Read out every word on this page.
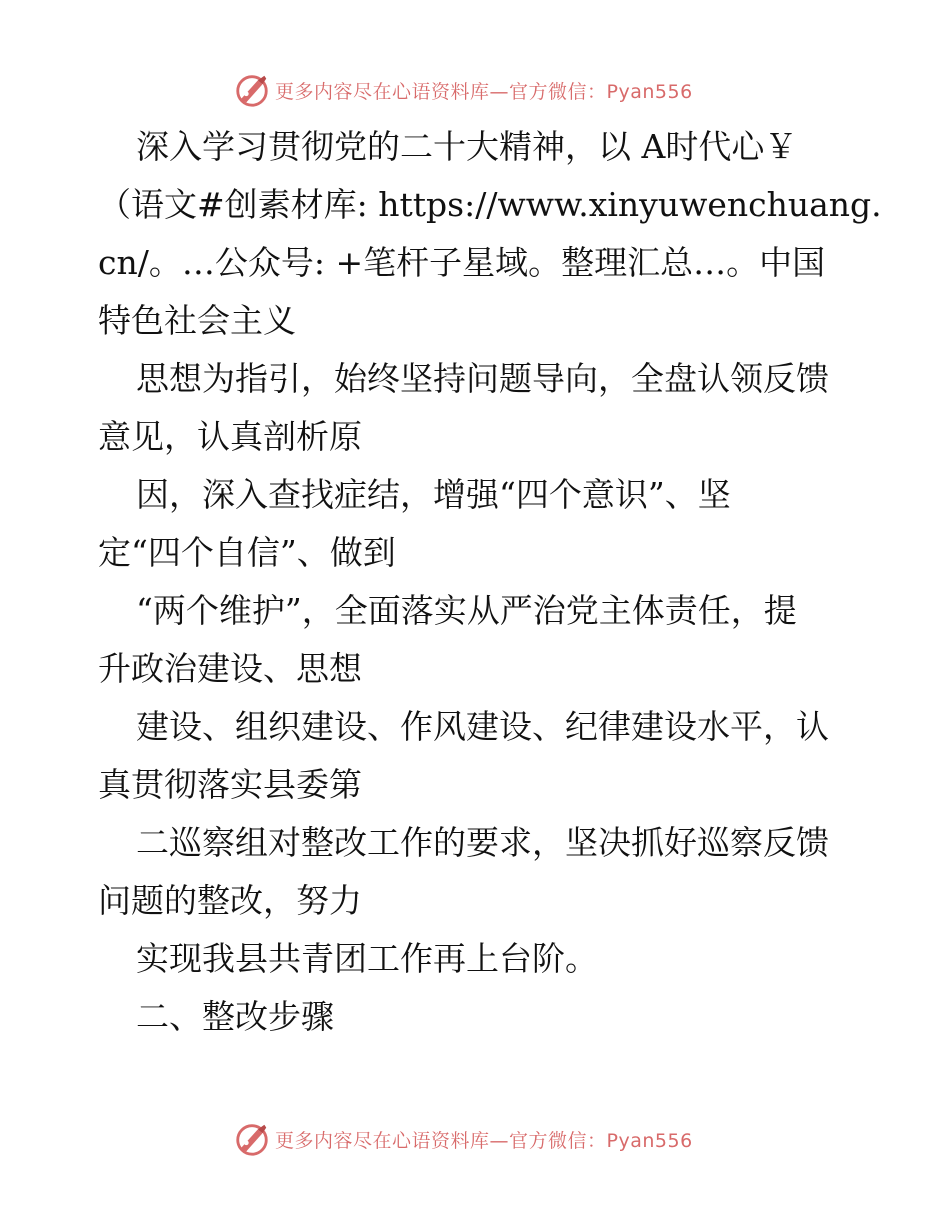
更多内容尽在心语资料库—官方微信：Pyan556

深入学习贯彻党的二十大精神，以 A时代心￥

（语文#创素材库: https://www.xinyuwenchuang.

cn/。…公众号: +笔杆子星域。整理汇总…。中国

特色社会主义

思想为指引，始终坚持问题导向，全盘认领反馈

意见，认真剖析原

因，深入查找症结，增强“四个意识”、坚

定“四个自信”、做到

“两个维护”，全面落实从严治党主体责任，提

升政治建设、思想

建设、组织建设、作风建设、纪律建设水平，认

真贯彻落实县委第

二巡察组对整改工作的要求，坚决抓好巡察反馈

问题的整改，努力

实现我县共青团工作再上台阶。

二、整改步骤

更多内容尽在心语资料库—官方微信：Pyan556
